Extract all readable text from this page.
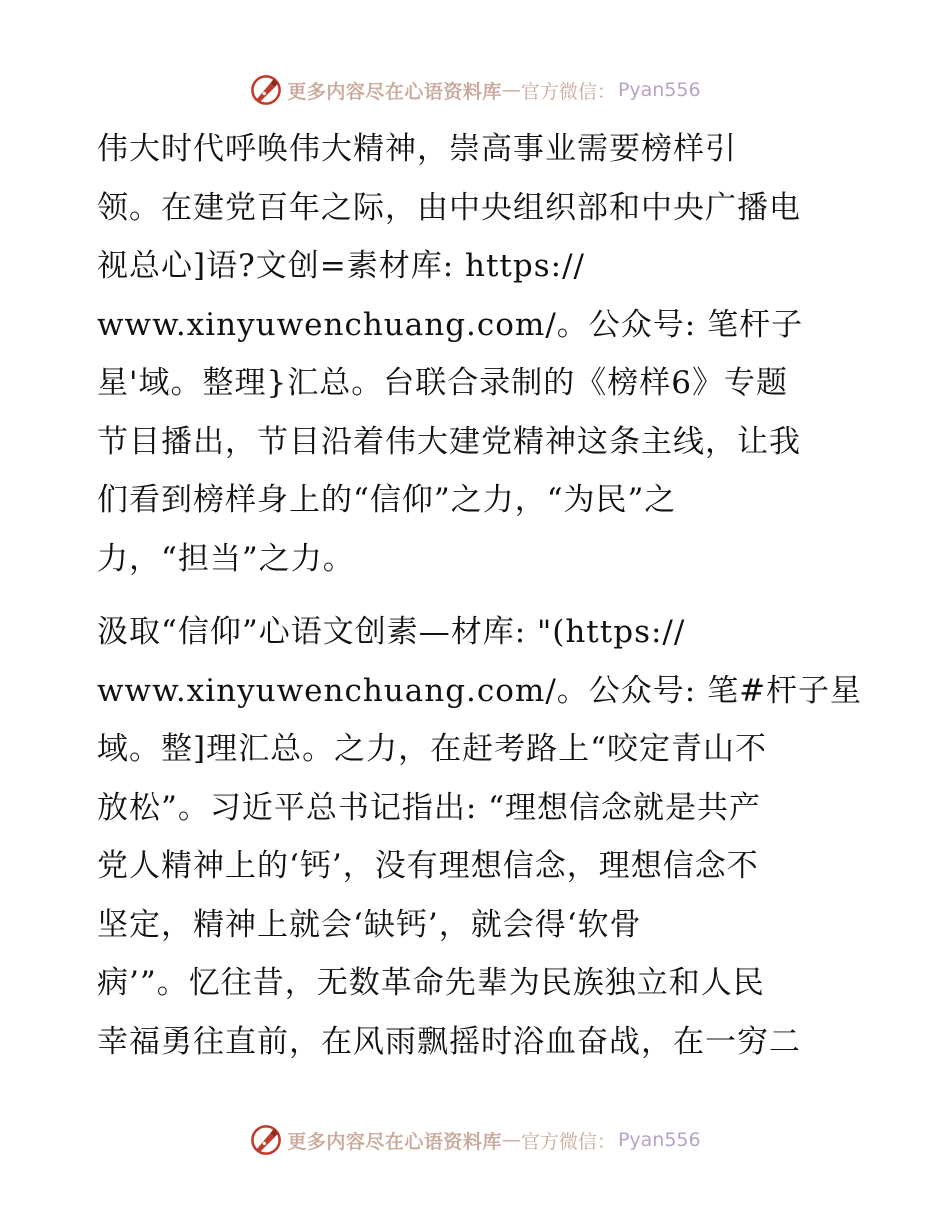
更多内容尽在心语资料库 — 官方微信： Pyan556

伟大时代呼唤伟大精神，崇高事业需要榜样引
领。在建党百年之际，由中央组织部和中央广播电
视总心]语?文创=素材库: https://
www.xinyuwenchuang.com/。公众号: 笔杆子
星'域。整理}汇总。台联合录制的《榜样6》专题
节目播出，节目沿着伟大建党精神这条主线，让我
们看到榜样身上的“信仰”之力，“为民”之
力，“担当”之力。

汲取“信仰”心语文创素—材库: "(https://
www.xinyuwenchuang.com/。公众号: 笔#杆子星
域。整]理汇总。之力，在赶考路上“咬定青山不
放松”。习近平总书记指出: “理想信念就是共产
党人精神上的‘钙’，没有理想信念，理想信念不
坚定，精神上就会‘缺钙’，就会得‘软骨
病’”。忆往昔，无数革命先辈为民族独立和人民
幸福勇往直前，在风雨飘摇时浴血奋战，在一穷二

更多内容尽在心语资料库 — 官方微信： Pyan556
